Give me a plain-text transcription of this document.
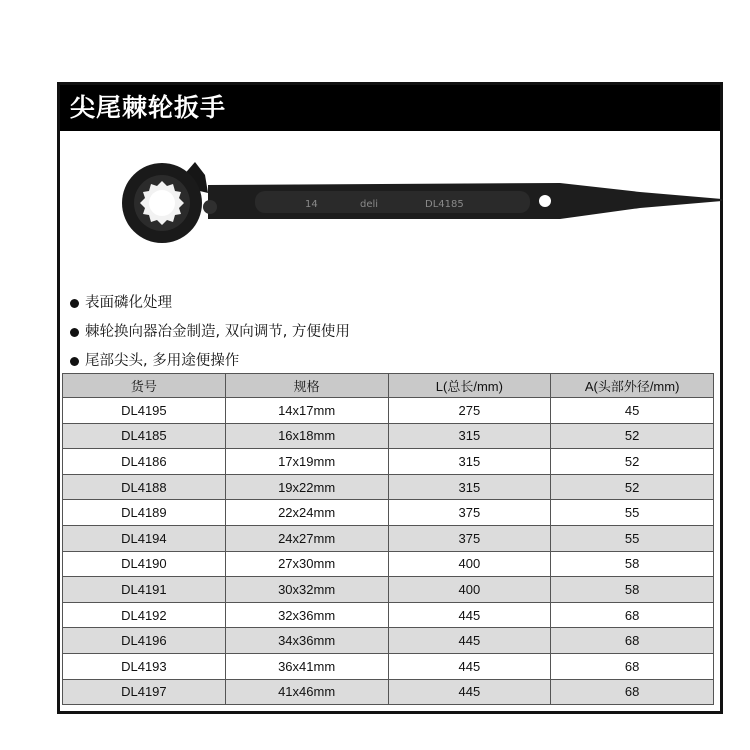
尖尾棘轮扳手
14	deli	DL4185
表面磷化处理
棘轮换向器冶金制造, 双向调节, 方便使用
尾部尖头, 多用途便操作
货号	规格	L(总长/mm)	A(头部外径/mm)
DL4195	14x17mm	275	45
DL4185	16x18mm	315	52
DL4186	17x19mm	315	52
DL4188	19x22mm	315	52
DL4189	22x24mm	375	55
DL4194	24x27mm	375	55
DL4190	27x30mm	400	58
DL4191	30x32mm	400	58
DL4192	32x36mm	445	68
DL4196	34x36mm	445	68
DL4193	36x41mm	445	68
DL4197	41x46mm	445	68
